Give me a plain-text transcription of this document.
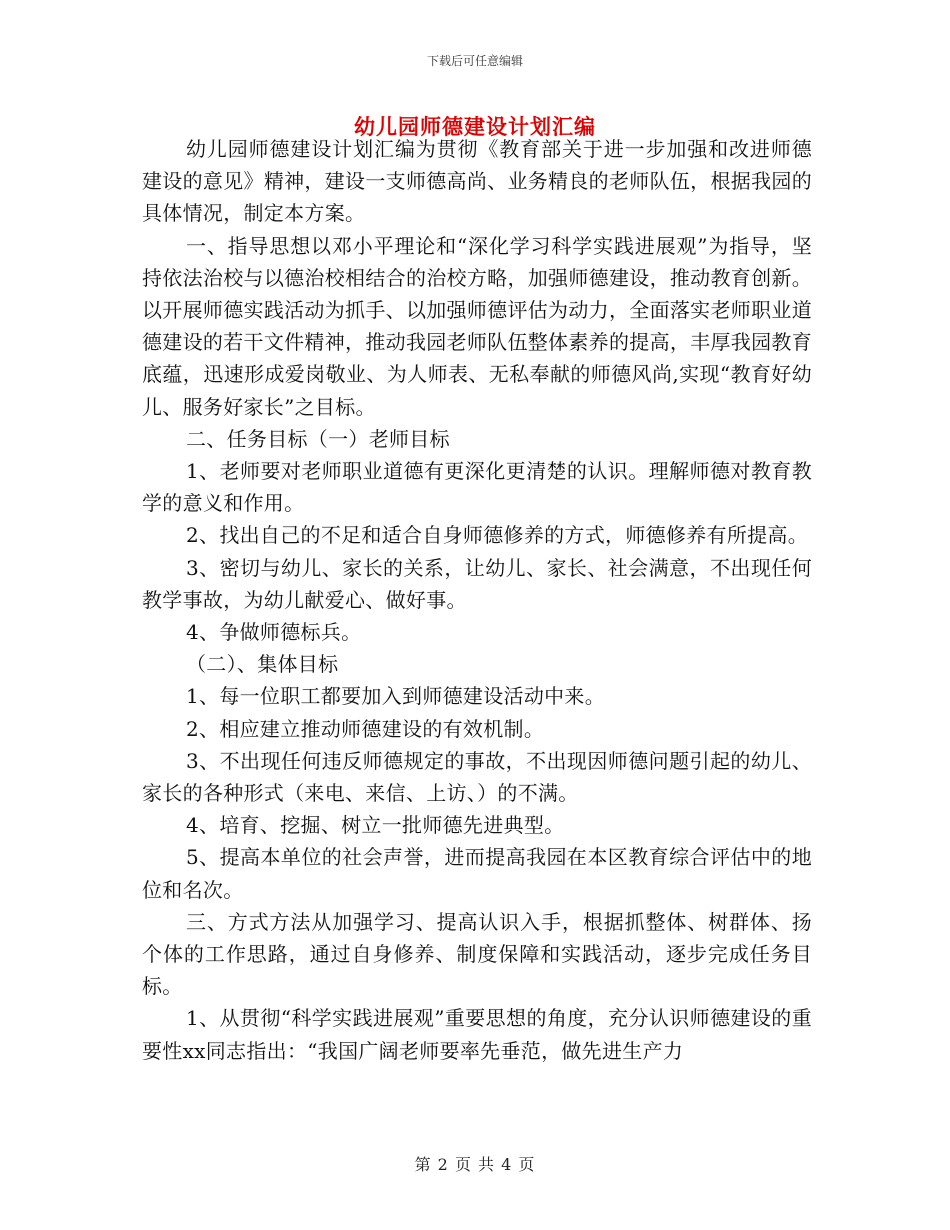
下载后可任意编辑
幼儿园师德建设计划汇编

幼儿园师德建设计划汇编为贯彻《教育部关于进一步加强和改进师德建设的意见》精神，建设一支师德高尚、业务精良的老师队伍，根据我园的具体情况，制定本方案。

一、指导思想以邓小平理论和“深化学习科学实践进展观”为指导，坚持依法治校与以德治校相结合的治校方略，加强师德建设，推动教育创新。以开展师德实践活动为抓手、以加强师德评估为动力，全面落实老师职业道德建设的若干文件精神，推动我园老师队伍整体素养的提高，丰厚我园教育底蕴，迅速形成爱岗敬业、为人师表、无私奉献的师德风尚,实现“教育好幼儿、服务好家长”之目标。

二、任务目标（一）老师目标

1、老师要对老师职业道德有更深化更清楚的认识。理解师德对教育教学的意义和作用。

2、找出自己的不足和适合自身师德修养的方式，师德修养有所提高。

3、密切与幼儿、家长的关系，让幼儿、家长、社会满意，不出现任何教学事故，为幼儿献爱心、做好事。

4、争做师德标兵。

（二）、集体目标

1、每一位职工都要加入到师德建设活动中来。

2、相应建立推动师德建设的有效机制。

3、不出现任何违反师德规定的事故，不出现因师德问题引起的幼儿、家长的各种形式（来电、来信、上访、）的不满。

4、培育、挖掘、树立一批师德先进典型。

5、提高本单位的社会声誉，进而提高我园在本区教育综合评估中的地位和名次。

三、方式方法从加强学习、提高认识入手，根据抓整体、树群体、扬个体的工作思路，通过自身修养、制度保障和实践活动，逐步完成任务目标。

1、从贯彻“科学实践进展观”重要思想的角度，充分认识师德建设的重要性xx同志指出：“我国广阔老师要率先垂范，做先进生产力

第 2 页 共 4 页
